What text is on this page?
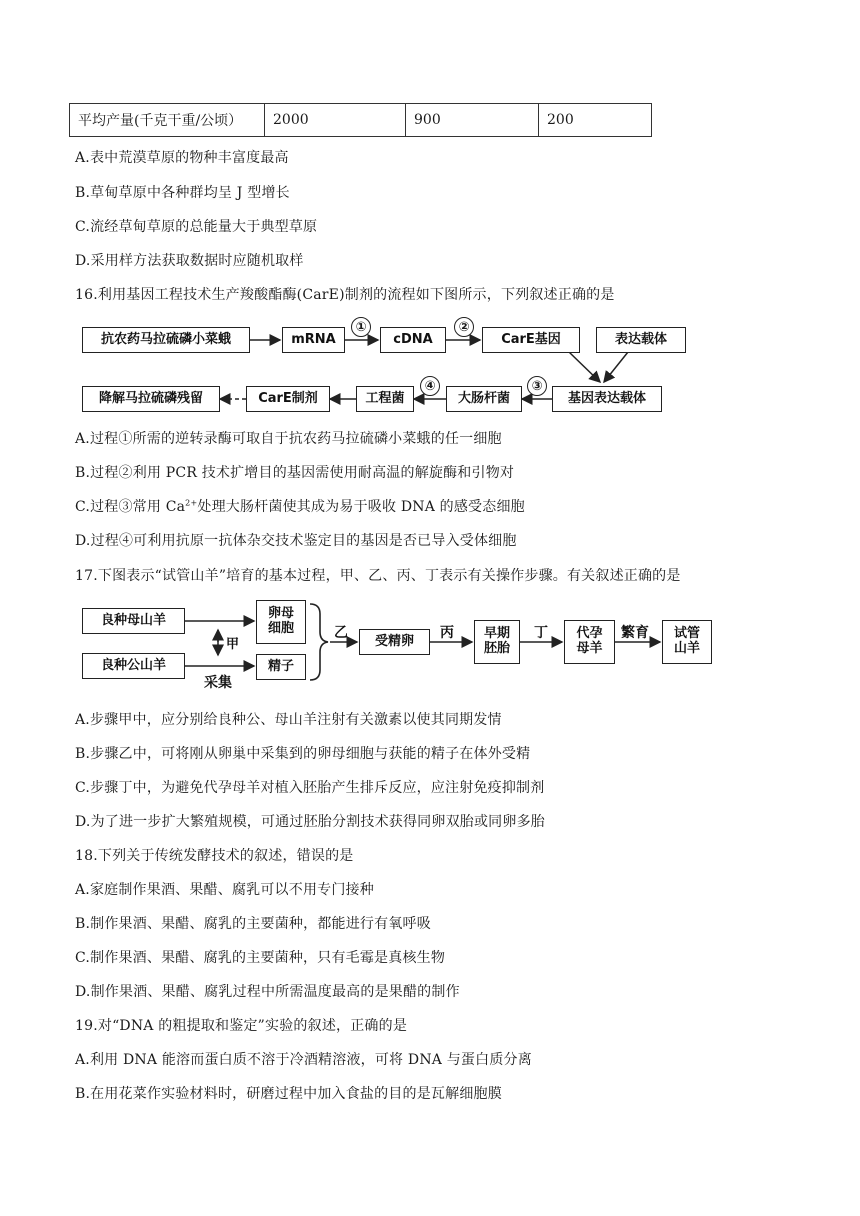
平均产量(千克干重/公顷）	2000	900	200
A.表中荒漠草原的物种丰富度最高
B.草甸草原中各种群均呈 J 型增长
C.流经草甸草原的总能量大于典型草原
D.采用样方法获取数据时应随机取样
16.利用基因工程技术生产羧酸酯酶(CarE)制剂的流程如下图所示，下列叙述正确的是
抗农药马拉硫磷小菜蛾	mRNA	cDNA	CarE基因	表达载体
基因表达载体
大肠杆菌
工程菌
CarE制剂
降解马拉硫磷残留
①	②
③
④
A.过程①所需的逆转录酶可取自于抗农药马拉硫磷小菜蛾的任一细胞
B.过程②利用 PCR 技术扩增目的基因需使用耐高温的解旋酶和引物对
C.过程③常用 $Ca^{2+}$处理大肠杆菌使其成为易于吸收 DNA 的感受态细胞
D.过程④可利用抗原一抗体杂交技术鉴定目的基因是否已导入受体细胞
17.下图表示“试管山羊”培育的基本过程，甲、乙、丙、丁表示有关操作步骤。有关叙述正确的是
良种母山羊
良种公山羊
卵母细胞
精子
受精卵	早期胚胎
代孕母羊
试管山羊
甲
采集
乙	丙	丁	繁育
A.步骤甲中，应分别给良种公、母山羊注射有关激素以使其同期发情
B.步骤乙中，可将刚从卵巢中采集到的卵母细胞与获能的精子在体外受精
C.步骤丁中，为避免代孕母羊对植入胚胎产生排斥反应，应注射免疫抑制剂
D.为了进一步扩大繁殖规模，可通过胚胎分割技术获得同卵双胎或同卵多胎
18.下列关于传统发酵技术的叙述，错误的是
A.家庭制作果酒、果醋、腐乳可以不用专门接种
B.制作果酒、果醋、腐乳的主要菌种，都能进行有氧呼吸
C.制作果酒、果醋、腐乳的主要菌种，只有毛霉是真核生物
D.制作果酒、果醋、腐乳过程中所需温度最高的是果醋的制作
19.对“DNA 的粗提取和鉴定”实验的叙述，正确的是
A.利用 DNA 能溶而蛋白质不溶于冷酒精溶液，可将 DNA 与蛋白质分离
B.在用花菜作实验材料时，研磨过程中加入食盐的目的是瓦解细胞膜
